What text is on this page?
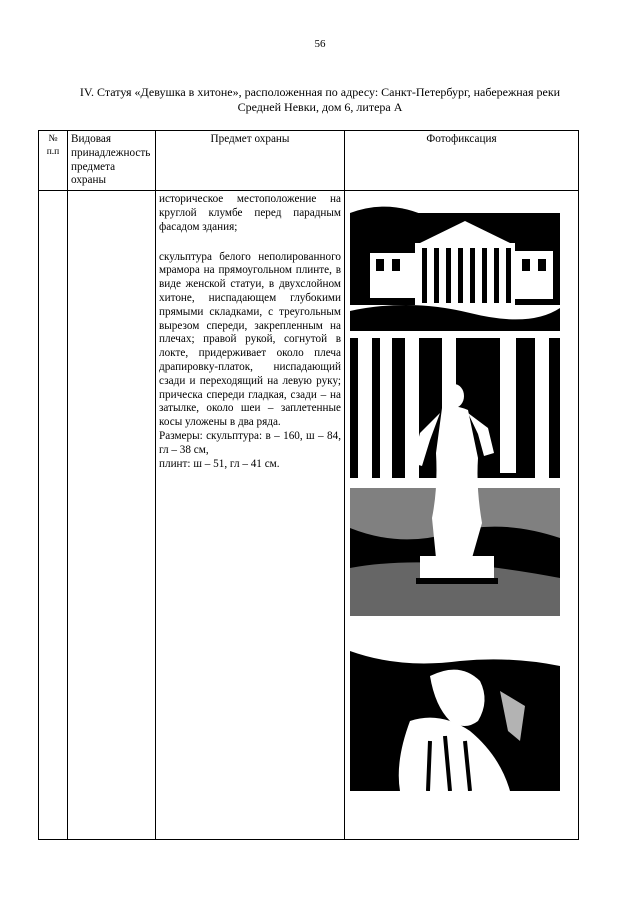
56
IV. Статуя «Девушка в хитоне», расположенная по адресу: Санкт-Петербург, набережная реки
Средней Невки, дом 6, литера А
№
п.п	Видовая принадлежность предмета охраны	Предмет охраны	Фотофиксация

		историческое местоположение на круглой клумбе перед парадным фасадом здания;

скульптура белого неполированного мрамора на прямоугольном плинте, в виде женской статуи, в двухслойном хитоне, ниспадающем глубокими прямыми складками, с треугольным вырезом спереди, закрепленным на плечах; правой рукой, согнутой в локте, придерживает около плеча драпировку-платок, ниспадающий сзади и переходящий на левую руку; прическа спереди гладкая, сзади – на затылке, около шеи – заплетенные косы уложены в два ряда.

Размеры: скульптура: в – 160, ш – 84, гл – 38 см,

плинт: ш – 51, гл – 41 см.
